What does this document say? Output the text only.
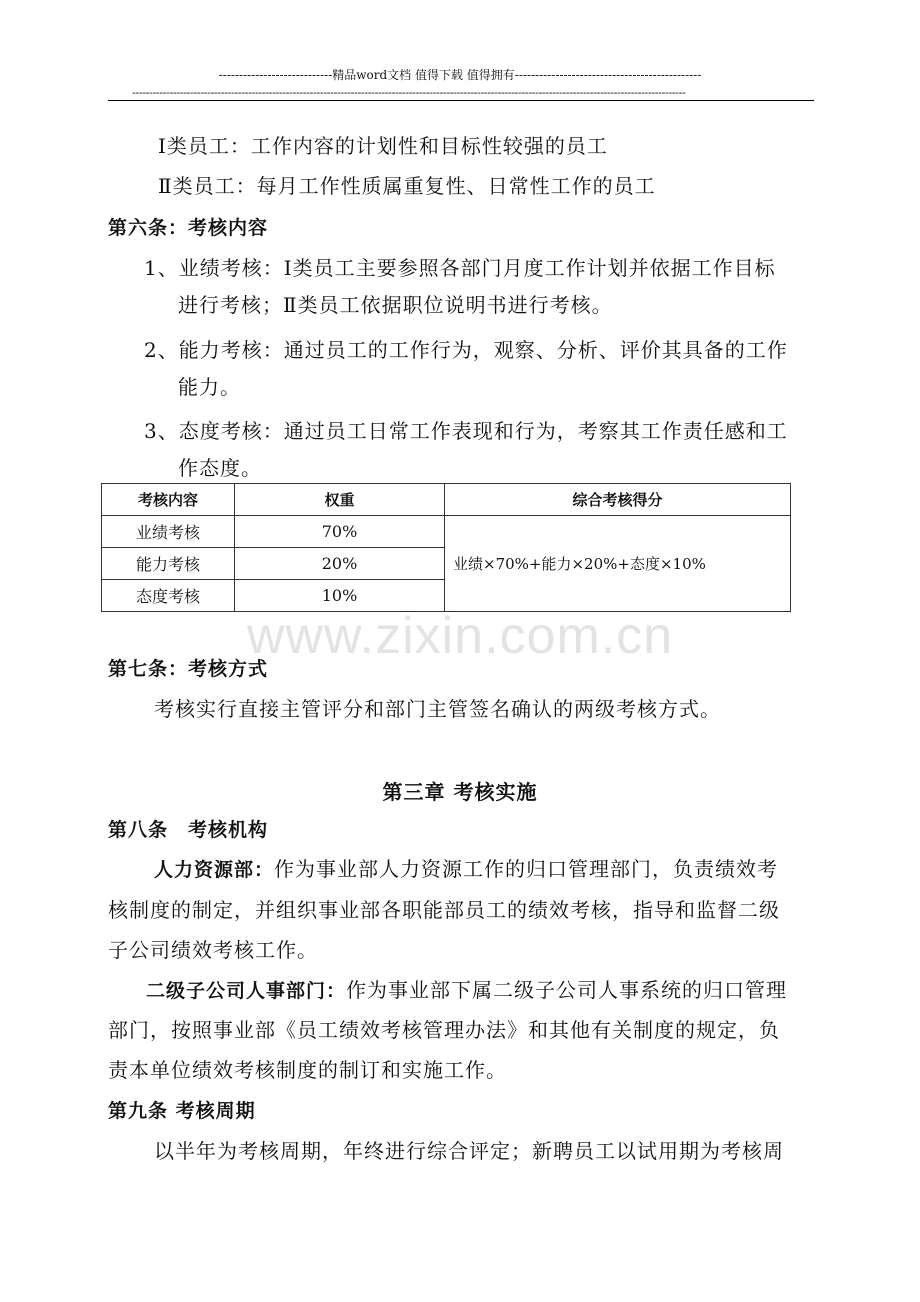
----------------------------精品word文档 值得下载 值得拥有----------------------------------------------
------------------------------------------------------------------------------------------------------------------------------------------------------------------
www.zixin.com.cn
Ⅰ类员工：工作内容的计划性和目标性较强的员工
Ⅱ类员工：每月工作性质属重复性、日常性工作的员工
第六条：考核内容
1、业绩考核：Ⅰ类员工主要参照各部门月度工作计划并依据工作目标
进行考核；Ⅱ类员工依据职位说明书进行考核。
2、能力考核：通过员工的工作行为，观察、分析、评价其具备的工作
能力。
3、态度考核：通过员工日常工作表现和行为，考察其工作责任感和工
作态度。
考核内容	权重	综合考核得分
业绩考核	70%	业绩×70%+能力×20%+态度×10%
能力考核	20%	
态度考核	10%	
第七条：考核方式
考核实行直接主管评分和部门主管签名确认的两级考核方式。
第三章 考核实施
第八条　考核机构
人力资源部：作为事业部人力资源工作的归口管理部门，负责绩效考
核制度的制定，并组织事业部各职能部员工的绩效考核，指导和监督二级
子公司绩效考核工作。
二级子公司人事部门：作为事业部下属二级子公司人事系统的归口管理
部门，按照事业部《员工绩效考核管理办法》和其他有关制度的规定，负
责本单位绩效考核制度的制订和实施工作。
第九条 考核周期
以半年为考核周期，年终进行综合评定；新聘员工以试用期为考核周
